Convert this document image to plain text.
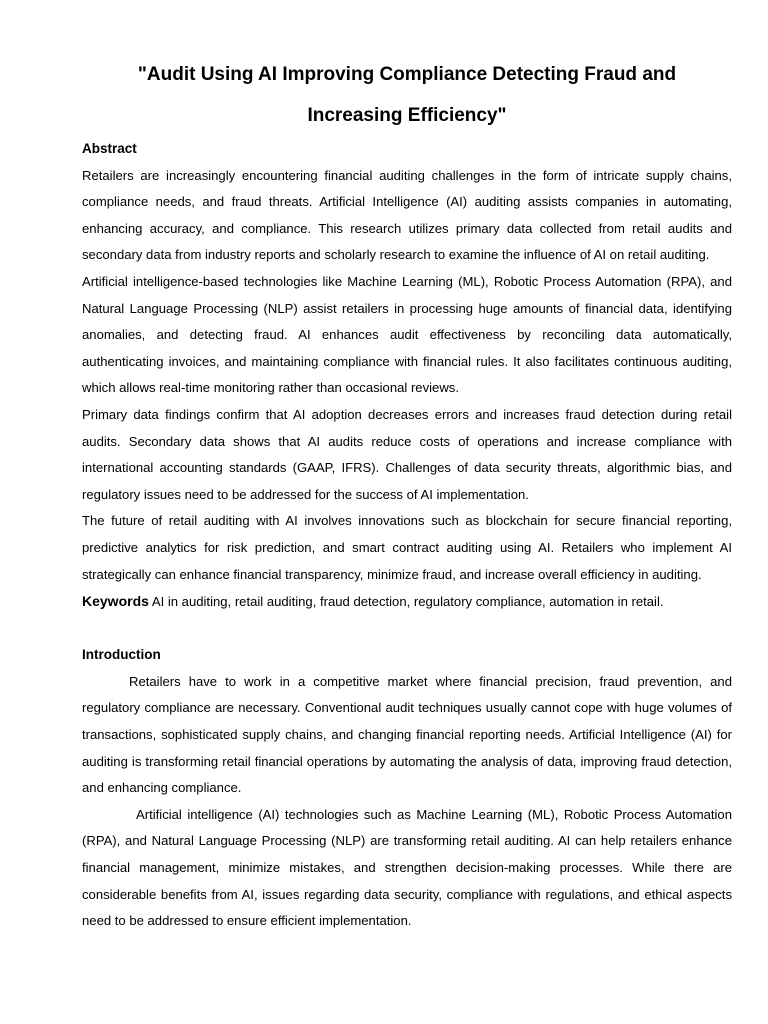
"Audit Using AI Improving Compliance Detecting Fraud and Increasing Efficiency"
Abstract

Retailers are increasingly encountering financial auditing challenges in the form of intricate supply chains, compliance needs, and fraud threats. Artificial Intelligence (AI) auditing assists companies in automating, enhancing accuracy, and compliance. This research utilizes primary data collected from retail audits and secondary data from industry reports and scholarly research to examine the influence of AI on retail auditing.

Artificial intelligence-based technologies like Machine Learning (ML), Robotic Process Automation (RPA), and Natural Language Processing (NLP) assist retailers in processing huge amounts of financial data, identifying anomalies, and detecting fraud. AI enhances audit effectiveness by reconciling data automatically, authenticating invoices, and maintaining compliance with financial rules. It also facilitates continuous auditing, which allows real-time monitoring rather than occasional reviews.

Primary data findings confirm that AI adoption decreases errors and increases fraud detection during retail audits. Secondary data shows that AI audits reduce costs of operations and increase compliance with international accounting standards (GAAP, IFRS). Challenges of data security threats, algorithmic bias, and regulatory issues need to be addressed for the success of AI implementation.

The future of retail auditing with AI involves innovations such as blockchain for secure financial reporting, predictive analytics for risk prediction, and smart contract auditing using AI. Retailers who implement AI strategically can enhance financial transparency, minimize fraud, and increase overall efficiency in auditing.

Keywords AI in auditing, retail auditing, fraud detection, regulatory compliance, automation in retail.

Introduction

Retailers have to work in a competitive market where financial precision, fraud prevention, and regulatory compliance are necessary. Conventional audit techniques usually cannot cope with huge volumes of transactions, sophisticated supply chains, and changing financial reporting needs. Artificial Intelligence (AI) for auditing is transforming retail financial operations by automating the analysis of data, improving fraud detection, and enhancing compliance.

Artificial intelligence (AI) technologies such as Machine Learning (ML), Robotic Process Automation (RPA), and Natural Language Processing (NLP) are transforming retail auditing. AI can help retailers enhance financial management, minimize mistakes, and strengthen decision-making processes. While there are considerable benefits from AI, issues regarding data security, compliance with regulations, and ethical aspects need to be addressed to ensure efficient implementation.
